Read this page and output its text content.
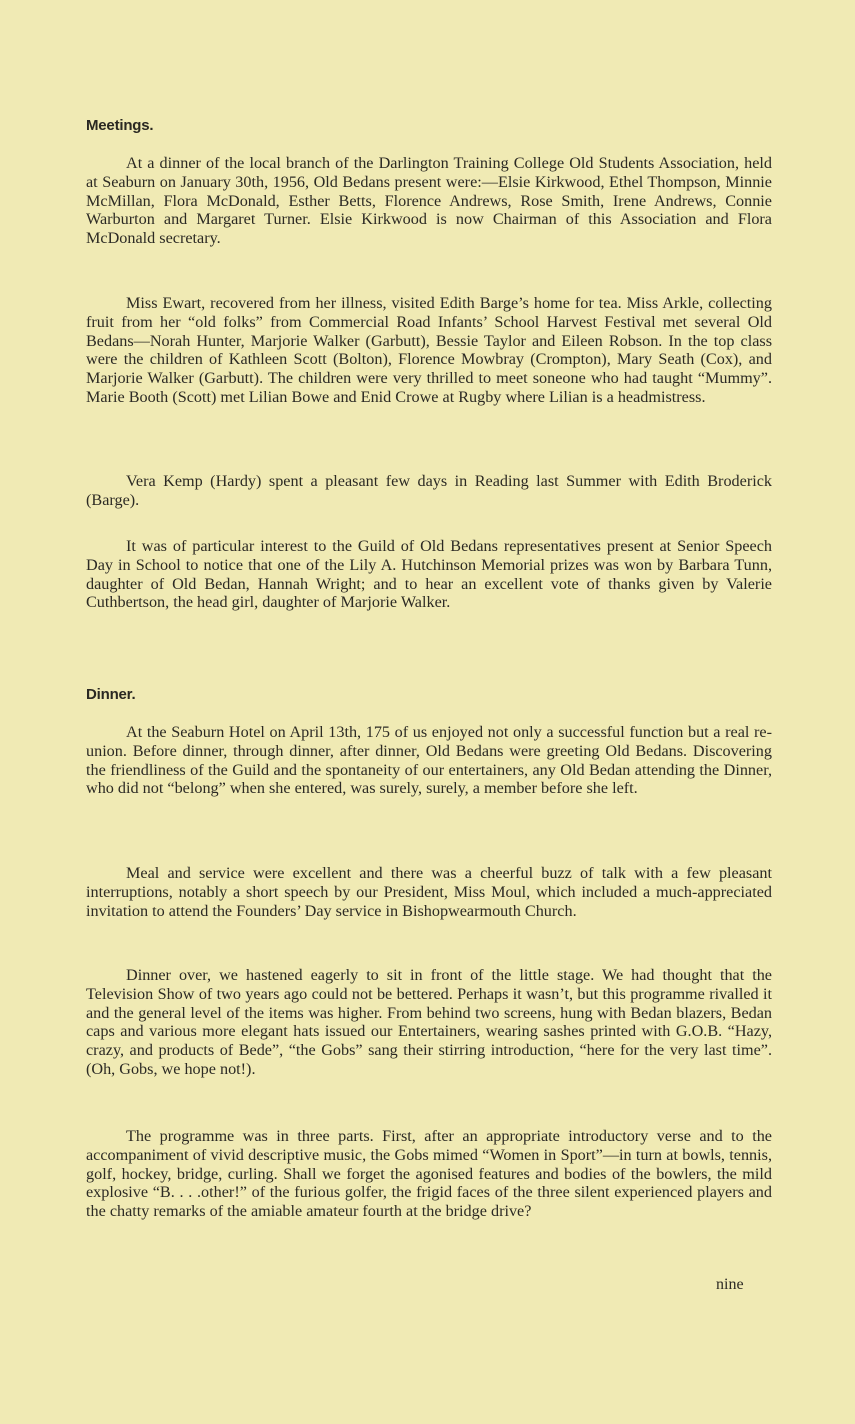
Meetings.

At a dinner of the local branch of the Darlington Training College Old Students Association, held at Seaburn on January 30th, 1956, Old Bedans present were:—Elsie Kirkwood, Ethel Thompson, Minnie McMillan, Flora McDonald, Esther Betts, Florence Andrews, Rose Smith, Irene Andrews, Connie Warburton and Margaret Turner. Elsie Kirkwood is now Chairman of this Association and Flora McDonald secretary.

Miss Ewart, recovered from her illness, visited Edith Barge’s home for tea. Miss Arkle, collecting fruit from her “old folks” from Commercial Road Infants’ School Harvest Festival met several Old Bedans—Norah Hunter, Marjorie Walker (Garbutt), Bessie Taylor and Eileen Robson. In the top class were the children of Kathleen Scott (Bolton), Florence Mowbray (Crompton), Mary Seath (Cox), and Marjorie Walker (Garbutt). The children were very thrilled to meet soneone who had taught “Mummy”. Marie Booth (Scott) met Lilian Bowe and Enid Crowe at Rugby where Lilian is a headmistress.

Vera Kemp (Hardy) spent a pleasant few days in Reading last Summer with Edith Broderick (Barge).

It was of particular interest to the Guild of Old Bedans representatives present at Senior Speech Day in School to notice that one of the Lily A. Hutchinson Memorial prizes was won by Barbara Tunn, daughter of Old Bedan, Hannah Wright; and to hear an excellent vote of thanks given by Valerie Cuthbertson, the head girl, daughter of Marjorie Walker.

Dinner.

At the Seaburn Hotel on April 13th, 175 of us enjoyed not only a successful function but a real re-union. Before dinner, through dinner, after dinner, Old Bedans were greeting Old Bedans. Discovering the friendliness of the Guild and the spontaneity of our entertainers, any Old Bedan attending the Dinner, who did not “belong” when she entered, was surely, surely, a member before she left.

Meal and service were excellent and there was a cheerful buzz of talk with a few pleasant interruptions, notably a short speech by our President, Miss Moul, which included a much-appreciated invitation to attend the Founders’ Day service in Bishopwearmouth Church.

Dinner over, we hastened eagerly to sit in front of the little stage. We had thought that the Television Show of two years ago could not be bettered. Perhaps it wasn’t, but this programme rivalled it and the general level of the items was higher. From behind two screens, hung with Bedan blazers, Bedan caps and various more elegant hats issued our Entertainers, wearing sashes printed with G.O.B. “Hazy, crazy, and products of Bede”, “the Gobs” sang their stirring introduction, “here for the very last time”. (Oh, Gobs, we hope not!).

The programme was in three parts. First, after an appropriate introductory verse and to the accompaniment of vivid descriptive music, the Gobs mimed “Women in Sport”—in turn at bowls, tennis, golf, hockey, bridge, curling. Shall we forget the agonised features and bodies of the bowlers, the mild explosive “B. . . .other!” of the furious golfer, the frigid faces of the three silent experienced players and the chatty remarks of the amiable amateur fourth at the bridge drive?

nine
